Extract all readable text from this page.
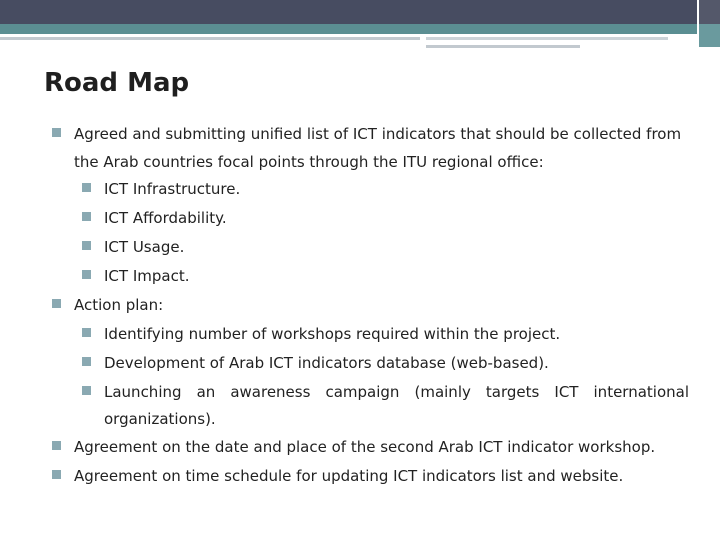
Road Map
Agreed and submitting unified list of ICT indicators that should be collected from
the Arab countries focal points through the ITU regional office:
ICT Infrastructure.
ICT Affordability.
ICT Usage.
ICT Impact.
Action plan:
Identifying number of workshops required within the project.
Development of Arab ICT indicators database (web-based).
Launching an awareness campaign (mainly targets ICT international
organizations).
Agreement on the date and place of the second Arab ICT indicator workshop.
Agreement on time schedule for updating ICT indicators list and website.
